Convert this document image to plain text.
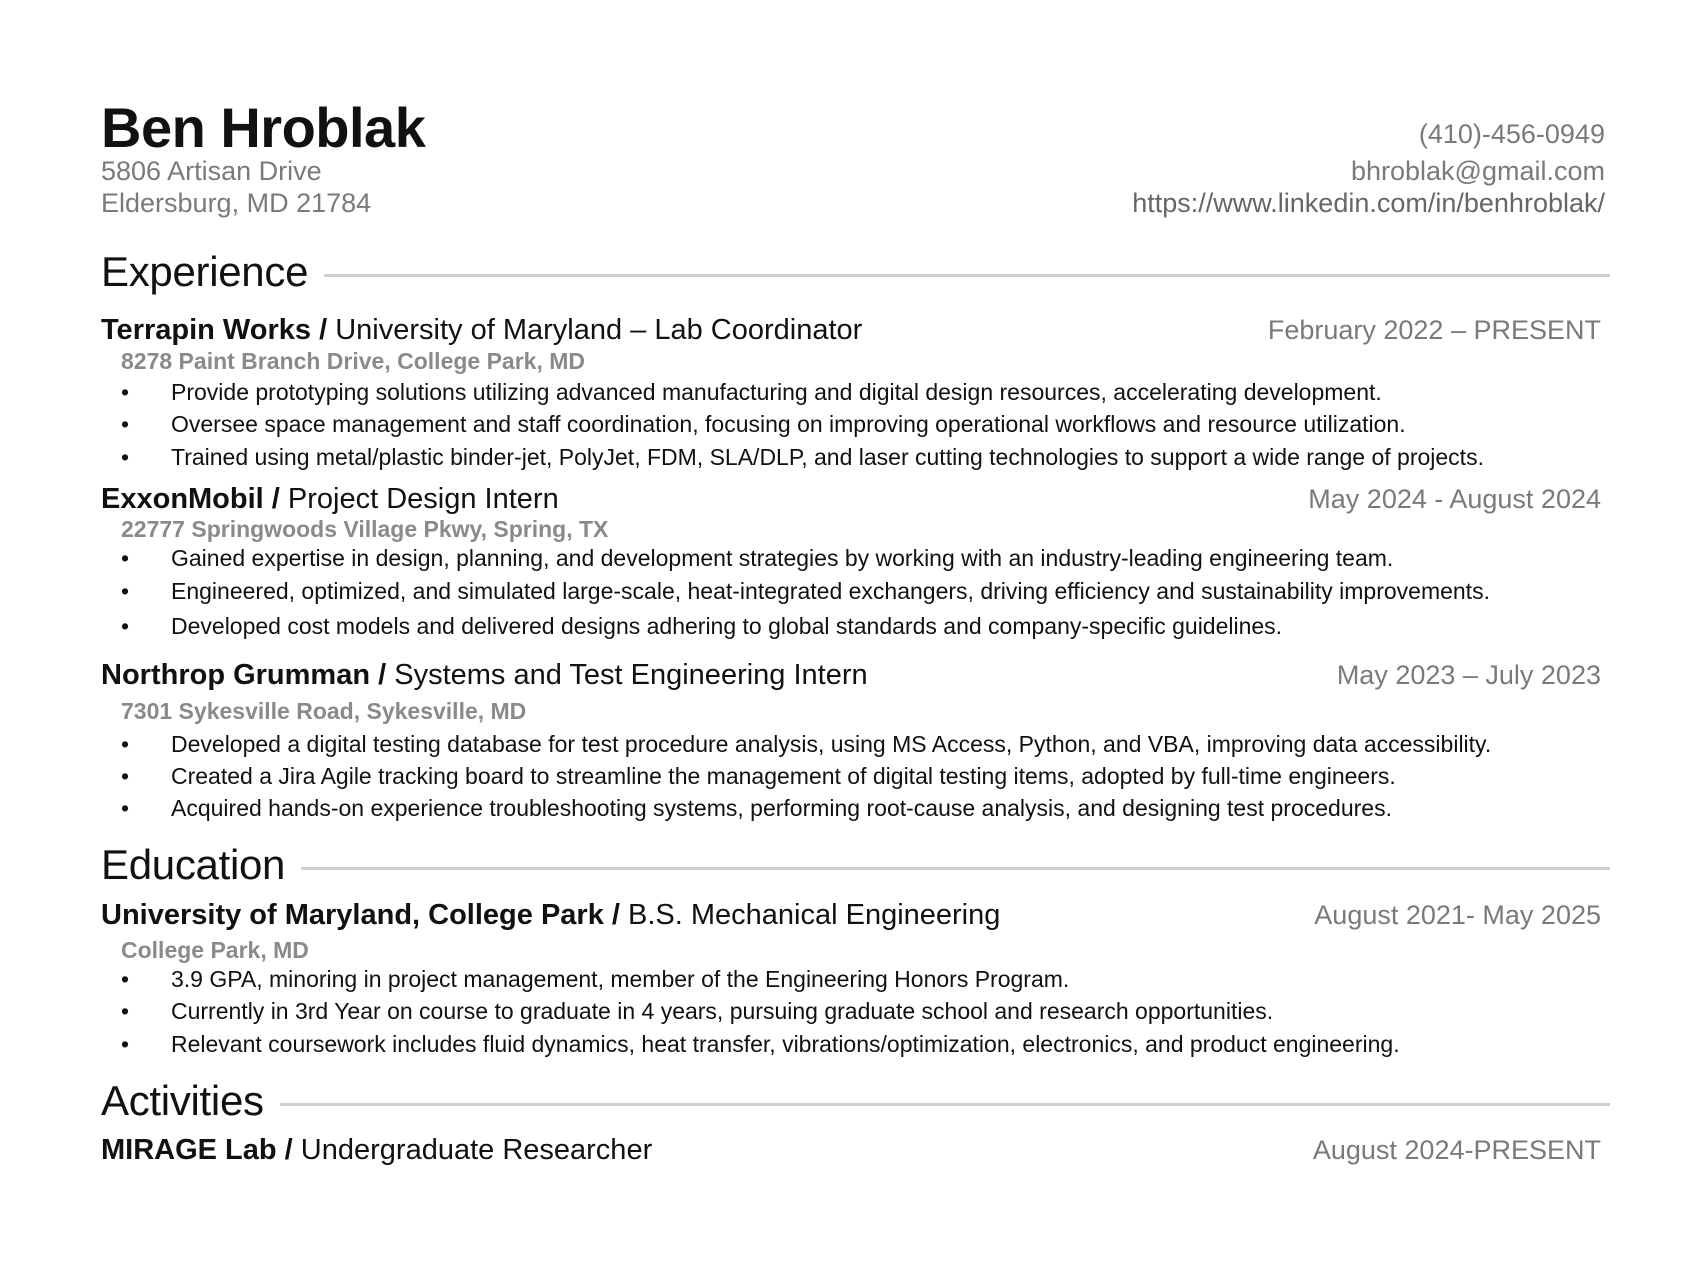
Ben Hroblak
5806 Artisan Drive
Eldersburg, MD 21784
(410)-456-0949
bhroblak@gmail.com
https://www.linkedin.com/in/benhroblak/
Experience
Terrapin Works / University of Maryland – Lab Coordinator	February 2022 – PRESENT
8278 Paint Branch Drive, College Park, MD
•Provide prototyping solutions utilizing advanced manufacturing and digital design resources, accelerating development.
•Oversee space management and staff coordination, focusing on improving operational workflows and resource utilization.
•Trained using metal/plastic binder-jet, PolyJet, FDM, SLA/DLP, and laser cutting technologies to support a wide range of projects.
ExxonMobil / Project Design Intern	May 2024 - August 2024
22777 Springwoods Village Pkwy, Spring, TX
•Gained expertise in design, planning, and development strategies by working with an industry-leading engineering team.
•Engineered, optimized, and simulated large-scale, heat-integrated exchangers, driving efficiency and sustainability improvements.
•Developed cost models and delivered designs adhering to global standards and company-specific guidelines.
Northrop Grumman / Systems and Test Engineering Intern	May 2023 – July 2023
7301 Sykesville Road, Sykesville, MD
•Developed a digital testing database for test procedure analysis, using MS Access, Python, and VBA, improving data accessibility.
•Created a Jira Agile tracking board to streamline the management of digital testing items, adopted by full-time engineers.
•Acquired hands-on experience troubleshooting systems, performing root-cause analysis, and designing test procedures.
Education
University of Maryland, College Park / B.S. Mechanical Engineering	August 2021- May 2025
College Park, MD
•3.9 GPA, minoring in project management, member of the Engineering Honors Program.
•Currently in 3rd Year on course to graduate in 4 years, pursuing graduate school and research opportunities.
•Relevant coursework includes fluid dynamics, heat transfer, vibrations/optimization, electronics, and product engineering.
Activities
MIRAGE Lab / Undergraduate Researcher	August 2024-PRESENT
